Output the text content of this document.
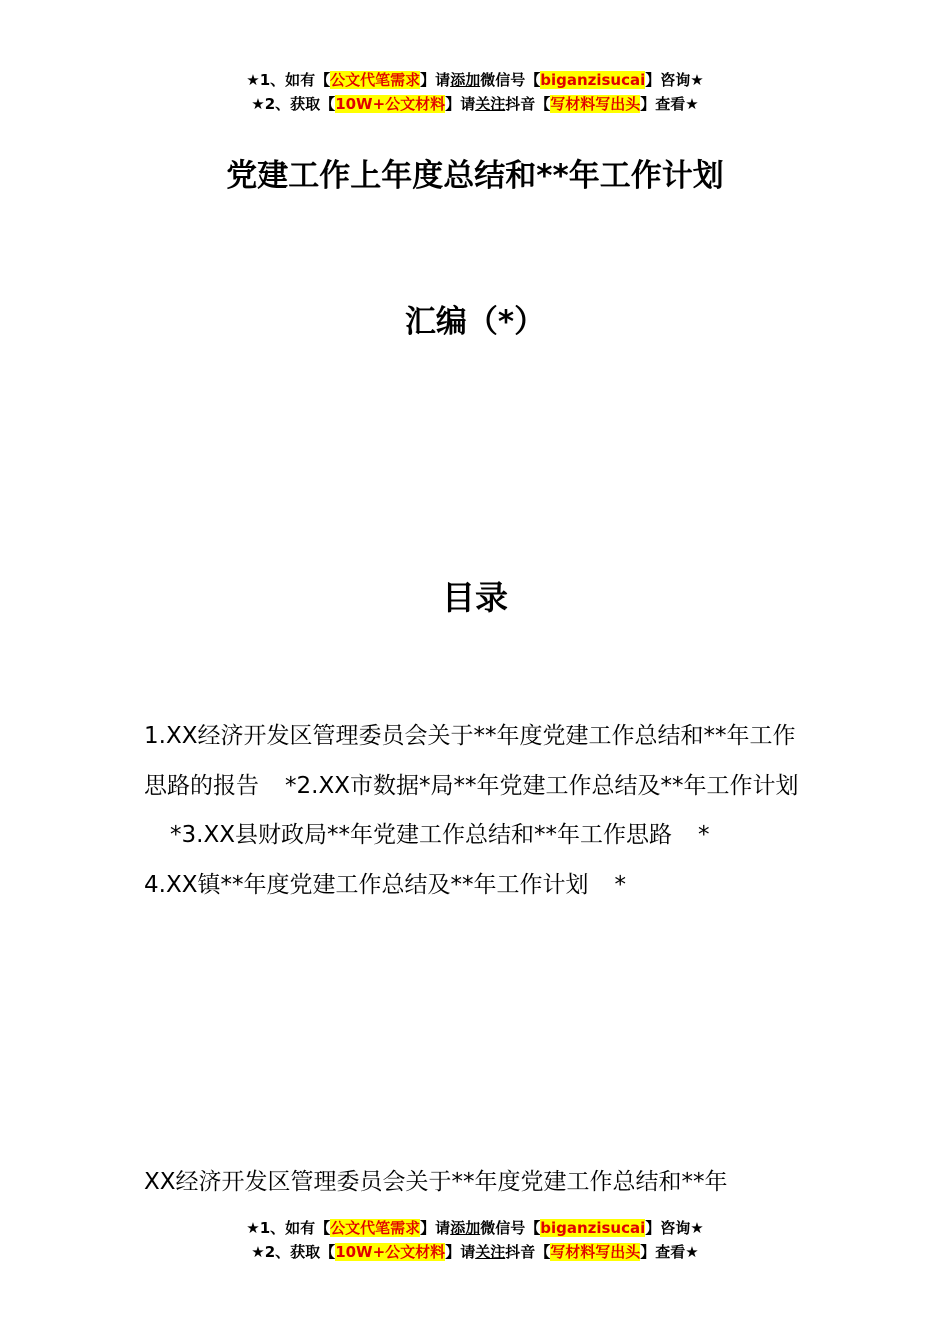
★1、如有【公文代笔需求】请添加微信号【biganzisucai】咨询★
★2、获取【10W+公文材料】请关注抖音【写材料写出头】查看★
党建工作上年度总结和**年工作计划
汇编（*）
目录

1.XX经济开发区管理委员会关于**年度党建工作总结和**年工作思路的报告 *2.XX市数据*局**年党建工作总结及**年工作计划*3.XX县财政局**年党建工作总结和**年工作思路 *

4.XX镇**年度党建工作总结及**年工作计划 *

XX经济开发区管理委员会关于**年度党建工作总结和**年
★1、如有【公文代笔需求】请添加微信号【biganzisucai】咨询★
★2、获取【10W+公文材料】请关注抖音【写材料写出头】查看★
